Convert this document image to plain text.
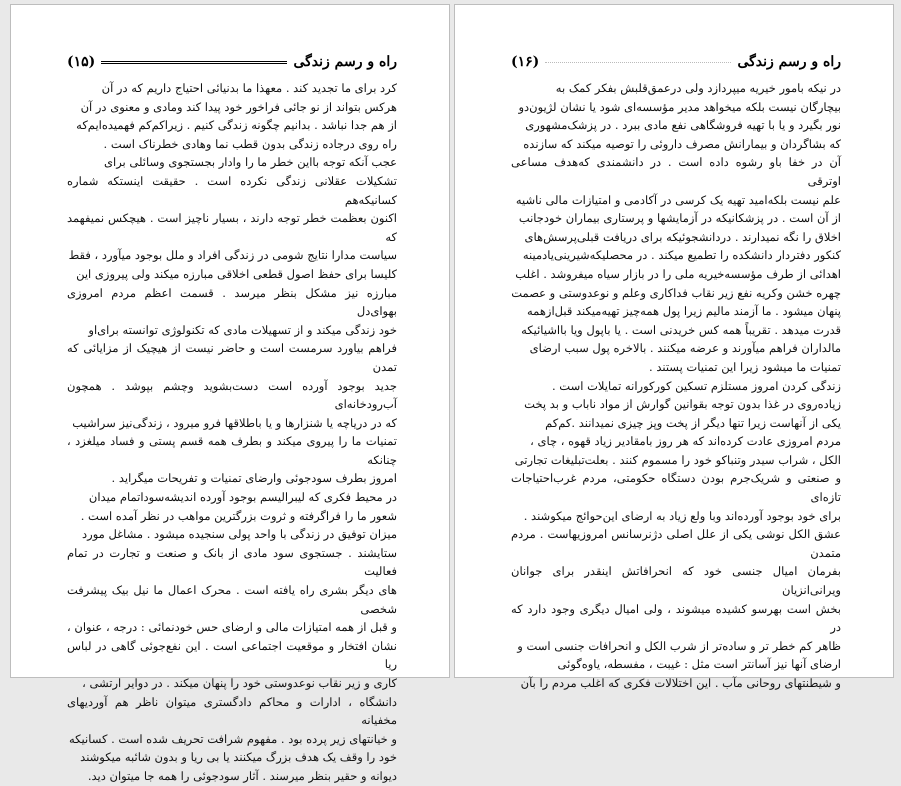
(۱۵)	راه و رسم زندگی

کرد برای ما تجدید کند . معهذا ما بدنیائی احتیاج داریم که در آن
هرکس بتواند از نو جائی فراخور خود پیدا کند ومادی و معنوی در آن
از هم جدا نباشد . بدانیم چگونه زندگی کنیم . زیراکم‌کم فهمیده‌ایم‌که
راه روی درجاده زندگی بدون قطب نما وهادی خطرناک است .

عجب آنکه توجه بااین خطر ما را وادار بجستجوی وسائلی برای
تشکیلات عقلانی زندگی نکرده است . حقیقت اینستکه شماره کسانیکه‌هم
اکنون بعظمت خطر توجه دارند ، بسیار ناچیز است . هیچکس نمیفهمد که
سیاست مدارا نتایج شومی در زندگی افراد و ملل بوجود میآورد ، فقط
کلیسا برای حفظ اصول قطعی اخلاقی مبارزه میکند ولی پیروزی این
مبارزه نیز مشکل بنظر میرسد . قسمت اعظم مردم امروزی بهوای‌دل
خود زندگی میکند و از تسهیلات مادی که تکنولوژی توانسته برای‌او
فراهم بیاورد سرمست است و حاضر نیست از هیچیک از مزایائی که تمدن
جدید بوجود آورده است دست‌بشوید وچشم بپوشد . همچون آب‌رودخانه‌ای
که در دریاچه یا شنزارها و یا باطلاقها فرو میرود ، زندگی‌نیز سراشیب
تمنیات ما را پیروی میکند و بطرف همه قسم پستی و فساد میلغزد ، چنانکه
امروز بطرف سودجوئی وارضای تمنیات و تفریحات میگراید .

در محیط فکری که لیبرالیسم بوجود آورده اندیشه‌سوداتمام میدان
شعور ما را فراگرفته و ثروت بزرگترین مواهب در نظر آمده است .
میزان توفیق در زندگی با واحد پولی سنجیده میشود . مشاغل مورد
ستایشند . جستجوی سود مادی از بانک و صنعت و تجارت در تمام فعالیت
های دیگر بشری راه یافته است . محرک اعمال ما نیل بیک پیشرفت شخصی
و قبل از همه امتیازات مالی و ارضای حس خودنمائی : درجه ، عنوان ،
نشان افتخار و موقعیت اجتماعی است . این نفع‌جوئی گاهی در لباس ریا
کاری و زیر نقاب نوعدوستی خود را پنهان میکند . در دوایر ارتشی ،
دانشگاه ، ادارات و محاکم دادگستری میتوان ناظر هم آوردیهای مخفیانه
و خیانتهای زیر پرده بود . مفهوم شرافت تحریف شده است . کسانیکه
خود را وقف یک هدف بزرگ میکنند یا بی ریا و بدون شائبه میکوشند
دیوانه و حقیر بنظر میرسند . آثار سودجوئی را همه جا میتوان دید.

(۱۶)	راه و رسم زندگی

در نیکه بامور خیریه میپردازد ولی درعمق‌قلبش بفکر کمک به
بیچارگان نیست بلکه میخواهد مدیر مؤسسه‌ای شود یا نشان لژیون‌دو
نور بگیرد و یا با تهیه فروشگاهی نفع مادی ببرد . در پزشک‌مشهوری
که بشاگردان و بیمارانش مصرف داروئی را توصیه میکند که سازنده
آن در خفا باو رشوه داده است . در دانشمندی که‌هدف مساعی او‌ترقی
علم نیست بلکه‌امید تهیه یک کرسی در آکادمی و امتیازات مالی ناشیه
از آن است . در پزشکانیکه در آزمایشها و پرستاری بیماران خودجانب
اخلاق را نگه نمیدارند . دردانشجوئیکه برای دریافت قبلی‌پرسش‌های
کنکور دفتردار دانشکده را تطمیع میکند . در محصلیکه‌شیرینی‌یادمینه
اهدائی از طرف مؤسسه‌خیریه ملی را در بازار سیاه میفروشد . اغلب
چهره خشن وکریه نفع زیر نقاب فداکاری وعلم و نوعدوستی و عصمت
پنهان میشود . ما آزمند مالیم زیرا پول همه‌چیز تهیه‌میکند قبل‌ازهمه
قدرت میدهد . تقریباً همه کس خریدنی است . یا باپول ویا بااشیائیکه
مالداران فراهم میآورند و عرضه میکنند . بالاخره پول سبب ارضای
تمنیات ما میشود زیرا این تمنیات پستند .

زندگی کردن امروز مستلزم تسکین کورکورانه تمایلات است .
زیاده‌روی در غذا بدون توجه بقوانین گوارش از مواد ناباب و بد پخت
یکی از آنهاست زیرا تنها دیگر از پخت وپز چیزی نمیدانند .کم‌کم
مردم امروزی عادت کرده‌اند که هر روز بامقادیر زیاد قهوه ، چای ،
الکل ، شراب سیدر وتنباکو خود را مسموم کنند . بعلت‌تبلیغات تجارتی
و صنعتی و شریک‌جرم بودن دستگاه حکومتی، مردم غرب‌احتیاجات تازه‌ای
برای خود بوجود آورده‌اند وبا ولع زیاد به ارضای این‌حوائج میکوشند .
عشق الکل نوشی یکی از علل اصلی دژنرسانس امروزیهاست . مردم متمدن
بفرمان امیال جنسی خود که انحرافاتش اینقدر برای جوانان ویرانی‌انزیان
بخش است بهرسو کشیده میشوند ، ولی امیال دیگری وجود دارد که در
ظاهر کم خطر تر و سادەتر از شرب الکل و انحرافات جنسی است و
ارضای آنها نیز آسانتر است مثل : غیبت ، مفسطه، یاوه‌گوئی
و شیطنتهای روحانی مآب . این اختلالات فکری که اغلب مردم را بآن
